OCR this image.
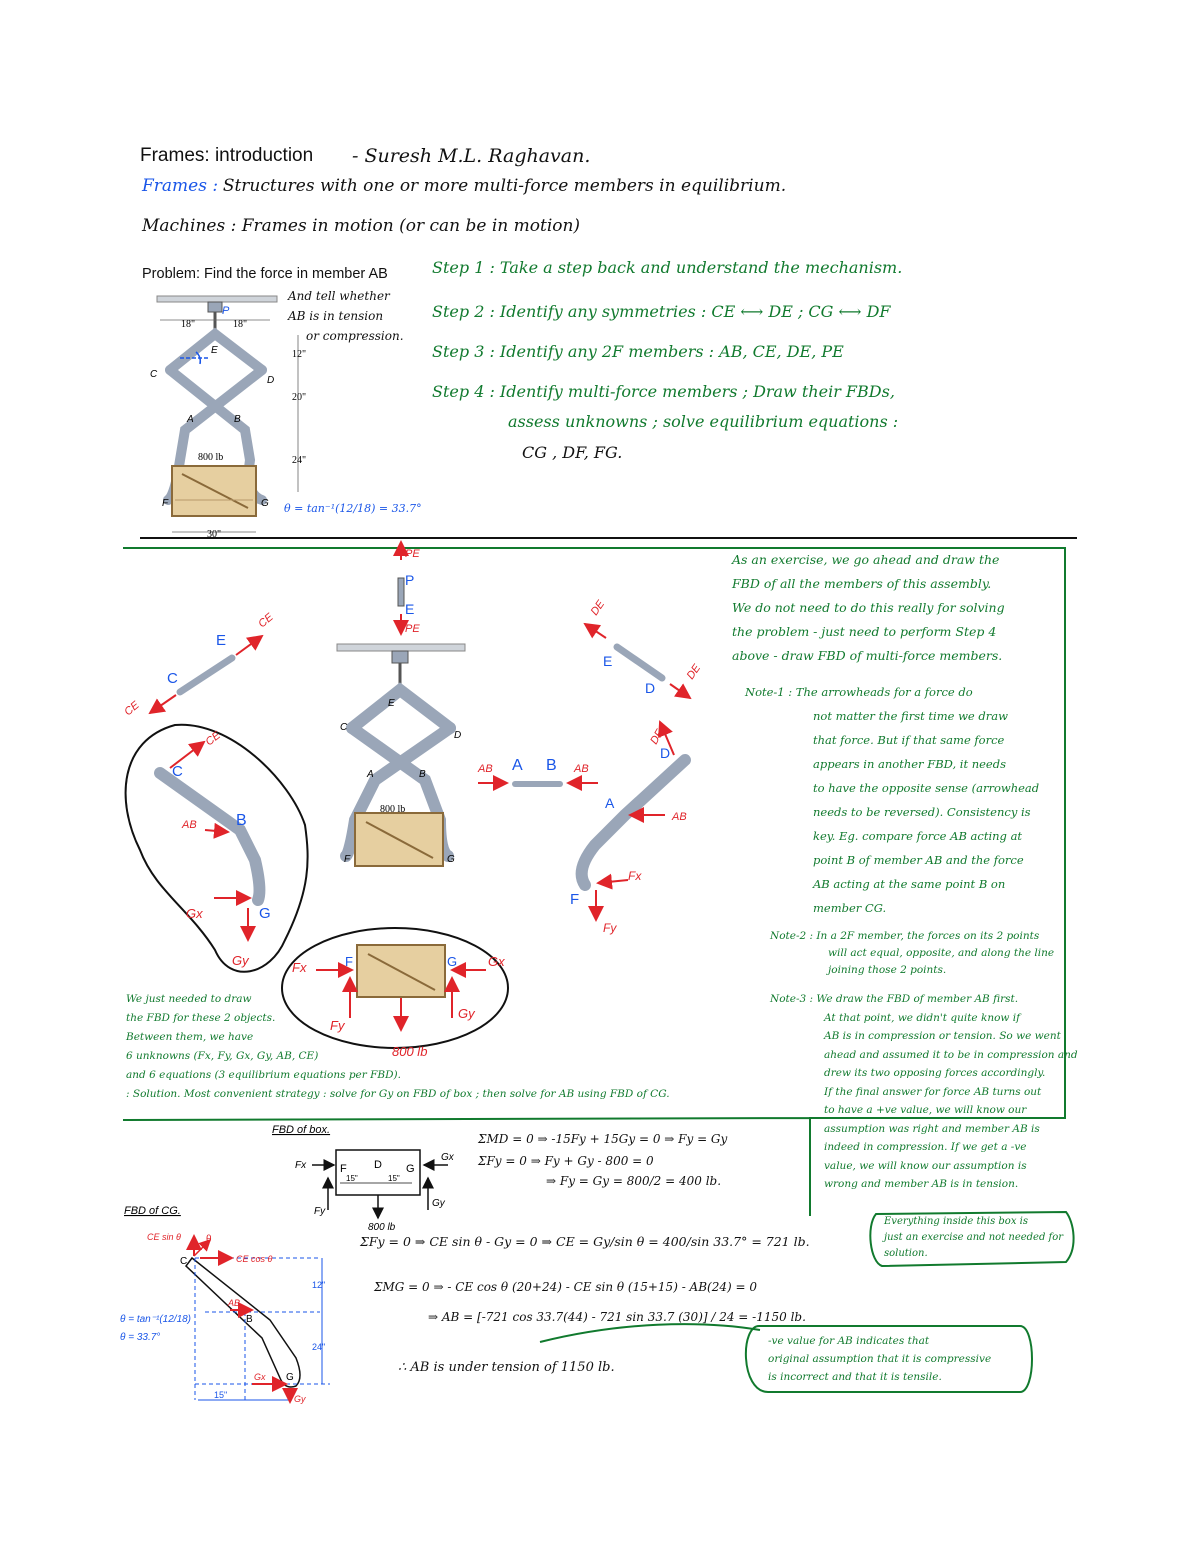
Frames: introduction - Suresh M.L. Raghavan.
Frames : Structures with one or more multi-force members in equilibrium.
Machines : Frames in motion (or can be in motion)
Problem: Find the force in member AB
And tell whether
AB is in tension
or compression.
θ = tan⁻¹(12/18) = 33.7°
Step 1 : Take a step back and understand the mechanism.
Step 2 : Identify any symmetries : CE ⟷ DE ; CG ⟷ DF
Step 3 : Identify any 2F members : AB, CE, DE, PE
Step 4 : Identify multi-force members ; Draw their FBDs,
assess unknowns ; solve equilibrium equations :
CG , DF, FG.
18"	18"
12"
20"
24"
30"
P
E
C
D
A	B
F	G
800 lb
E
C
D
A	B
F	G
800 lb
PE
P
E
PE
C
E
CE
CE
DE
E
D
DE
AB A B AB
CE
C
AB B
Gx	G
Gy
DF
D
A
AB
Fx
F
Fy
Fx	F	G Gx
Fy
Gy
800 lb
FBD of box.
Fx	F D G
Gx
Fy
15"	15"
Gy
800 lb
FBD of CG.
CE sin θ
C
θ
CE cos θ
AB
B
Gx G
Gy
12"
24"
15"
θ = tan⁻¹(12/18)
θ = 33.7°
As an exercise, we go ahead and draw the
FBD of all the members of this assembly.
We do not need to do this really for solving
the problem - just need to perform Step 4
above - draw FBD of multi-force members.
Note-1 : The arrowheads for a force do
not matter the first time we draw
that force. But if that same force
appears in another FBD, it needs
to have the opposite sense (arrowhead
needs to be reversed). Consistency is
key. Eg. compare force AB acting at
point B of member AB and the force
AB acting at the same point B on
member CG.
Note-2 : In a 2F member, the forces on its 2 points
will act equal, opposite, and along the line
joining those 2 points.
Note-3 : We draw the FBD of member AB first.
At that point, we didn't quite know if
AB is in compression or tension. So we went
ahead and assumed it to be in compression and
drew its two opposing forces accordingly.
If the final answer for force AB turns out
to have a +ve value, we will know our
assumption was right and member AB is
indeed in compression. If we get a -ve
value, we will know our assumption is
wrong and member AB is in tension.
Everything inside this box is
just an exercise and not needed for
solution.
We just needed to draw
the FBD for these 2 objects.
Between them, we have
6 unknowns (Fx, Fy, Gx, Gy, AB, CE)
and 6 equations (3 equilibrium equations per FBD).
: Solution. Most convenient strategy : solve for Gy on FBD of box ; then solve for AB using FBD of CG.
ΣMD = 0 ⇒ -15Fy + 15Gy = 0 ⇒ Fy = Gy
ΣFy = 0 ⇒ Fy + Gy - 800 = 0
⇒ Fy = Gy = 800/2 = 400 lb.
ΣFy = 0 ⇒ CE sin θ - Gy = 0 ⇒ CE = Gy/sin θ = 400/sin 33.7° = 721 lb.
ΣMG = 0 ⇒ - CE cos θ (20+24) - CE sin θ (15+15) - AB(24) = 0
⇒ AB = [-721 cos 33.7(44) - 721 sin 33.7 (30)] / 24 = -1150 lb.
∴ AB is under tension of 1150 lb.
-ve value for AB indicates that
original assumption that it is compressive
is incorrect and that it is tensile.
